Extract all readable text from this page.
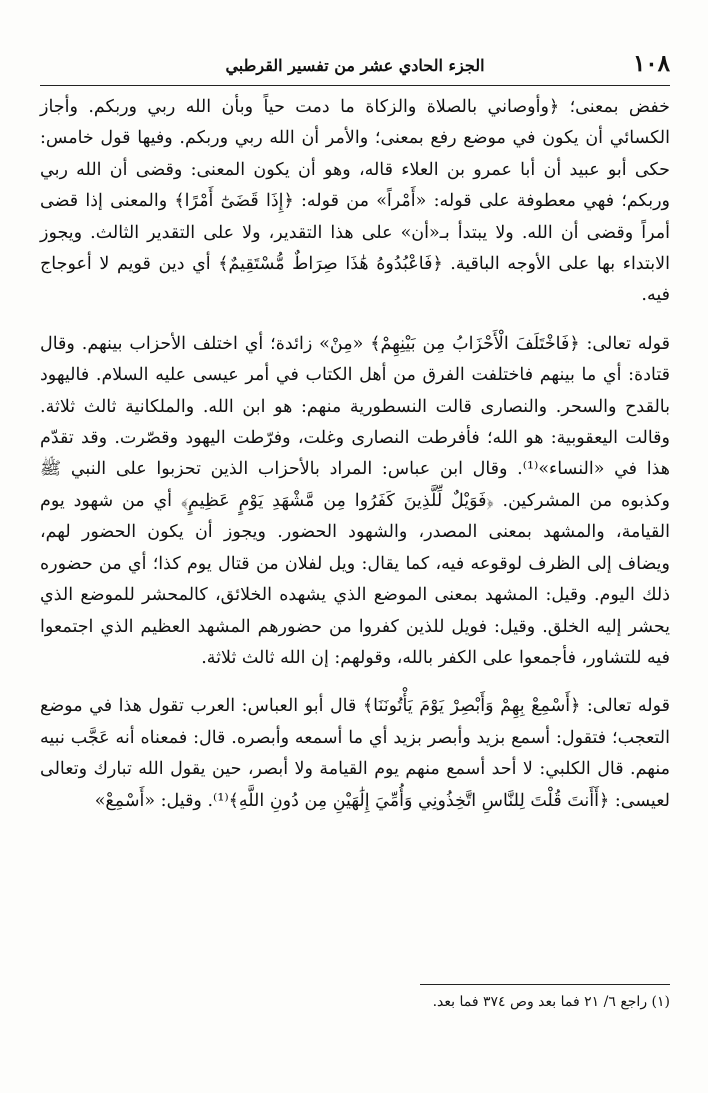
١٠٨
الجزء الحادي عشر من تفسير القرطبي

خفض بمعنى؛ ﴿وأوصاني بالصلاة والزكاة ما دمت حياً وبأن الله ربي وربكم. وأجاز الكسائي أن يكون في موضع رفع بمعنى؛ والأمر أن الله ربي وربكم. وفيها قول خامس: حكى أبو عبيد أن أبا عمرو بن العلاء قاله، وهو أن يكون المعنى: وقضى أن الله ربي وربكم؛ فهي معطوفة على قوله: «أَمْراً» من قوله: ﴿إِذَا قَضَىٰٓ أَمْرًا﴾ والمعنى إذا قضى أمراً وقضى أن الله. ولا يبتدأ بـ«أن» على هذا التقدير، ولا على التقدير الثالث. ويجوز الابتداء بها على الأوجه الباقية. ﴿فَاعْبُدُوهُ هَٰذَا صِرَاطٌ مُّسْتَقِيمٌ﴾ أي دين قويم لا أعوجاج فيه.

قوله تعالى: ﴿فَاخْتَلَفَ الْأَحْزَابُ مِن بَيْنِهِمْ﴾ «مِنْ» زائدة؛ أي اختلف الأحزاب بينهم. وقال قتادة: أي ما بينهم فاختلفت الفرق من أهل الكتاب في أمر عيسى عليه السلام. فاليهود بالقدح والسحر. والنصارى قالت النسطورية منهم: هو ابن الله. والملكانية ثالث ثلاثة. وقالت اليعقوبية: هو الله؛ فأفرطت النصارى وغلت، وفرّطت اليهود وقصّرت. وقد تقدّم هذا في «النساء»⁽¹⁾. وقال ابن عباس: المراد بالأحزاب الذين تحزبوا على النبي ﷺ وكذبوه من المشركين. ﴿فَوَيْلٌ لِّلَّذِينَ كَفَرُوا مِن مَّشْهَدِ يَوْمٍ عَظِيمٍ﴾ أي من شهود يوم القيامة، والمشهد بمعنى المصدر، والشهود الحضور. ويجوز أن يكون الحضور لهم، ويضاف إلى الظرف لوقوعه فيه، كما يقال: ويل لفلان من قتال يوم كذا؛ أي من حضوره ذلك اليوم. وقيل: المشهد بمعنى الموضع الذي يشهده الخلائق، كالمحشر للموضع الذي يحشر إليه الخلق. وقيل: فويل للذين كفروا من حضورهم المشهد العظيم الذي اجتمعوا فيه للتشاور، فأجمعوا على الكفر بالله، وقولهم: إن الله ثالث ثلاثة.

قوله تعالى: ﴿أَسْمِعْ بِهِمْ وَأَبْصِرْ يَوْمَ يَأْتُونَنَا﴾ قال أبو العباس: العرب تقول هذا في موضع التعجب؛ فتقول: أسمع بزيد وأبصر بزيد أي ما أسمعه وأبصره. قال: فمعناه أنه عَجَّب نبيه منهم. قال الكلبي: لا أحد أسمع منهم يوم القيامة ولا أبصر، حين يقول الله تبارك وتعالى لعيسى: ﴿أَأَنتَ قُلْتَ لِلنَّاسِ اتَّخِذُونِي وَأُمِّيَ إِلَٰهَيْنِ مِن دُونِ اللَّهِ﴾⁽¹⁾. وقيل: «أَسْمِعْ»

(١) راجع ٦/ ٢١ فما بعد وص ٣٧٤ فما بعد.
